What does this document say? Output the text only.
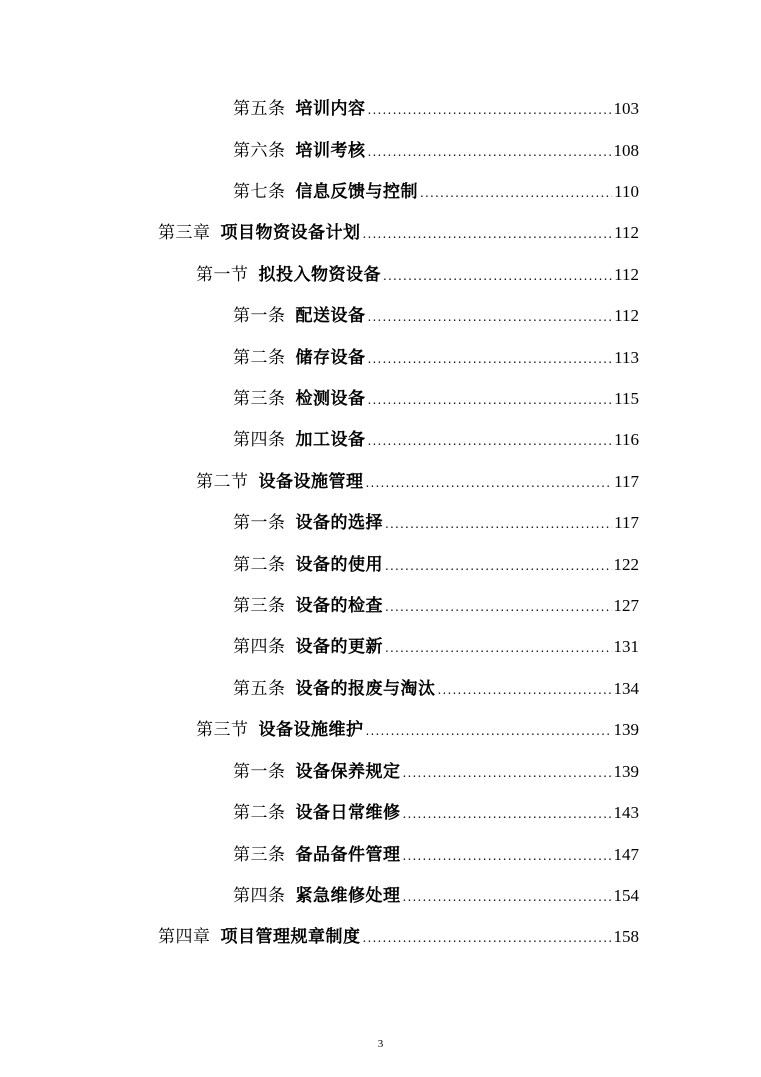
第五条 培训内容 .....	103
第六条 培训考核 .....	108
第七条 信息反馈与控制 .....	110
第三章 项目物资设备计划 .....	112
第一节 拟投入物资设备 .....	112
第一条 配送设备 .....	112
第二条 储存设备 .....	113
第三条 检测设备 .....	115
第四条 加工设备 .....	116
第二节 设备设施管理 .....	117
第一条 设备的选择 .....	117
第二条 设备的使用 .....	122
第三条 设备的检查 .....	127
第四条 设备的更新 .....	131
第五条 设备的报废与淘汰 .....	134
第三节 设备设施维护 .....	139
第一条 设备保养规定 .....	139
第二条 设备日常维修 .....	143
第三条 备品备件管理 .....	147
第四条 紧急维修处理 .....	154
第四章 项目管理规章制度 .....	158
3
